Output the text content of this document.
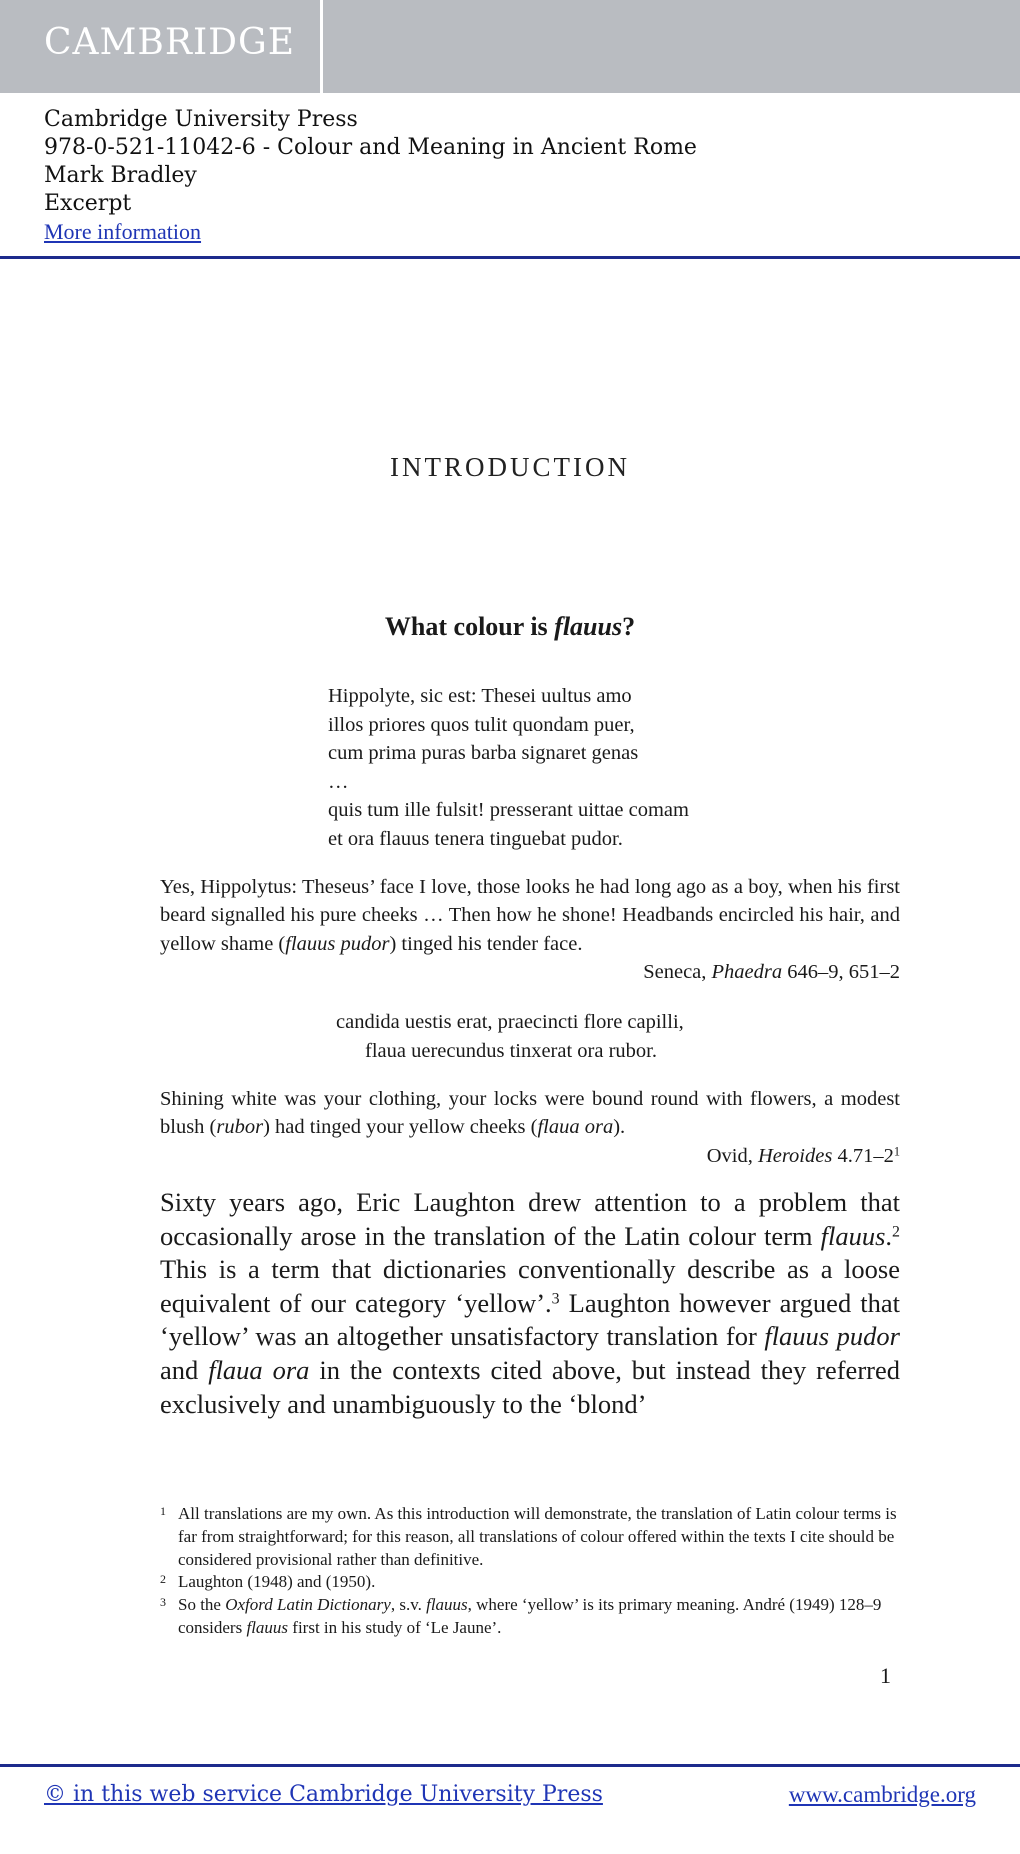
CAMBRIDGE
Cambridge University Press
978-0-521-11042-6 - Colour and Meaning in Ancient Rome
Mark Bradley
Excerpt
More information
INTRODUCTION
What colour is flauus?
Hippolyte, sic est: Thesei uultus amo
illos priores quos tulit quondam puer,
cum prima puras barba signaret genas
…
quis tum ille fulsit! presserant uittae comam
et ora flauus tenera tinguebat pudor.
Yes, Hippolytus: Theseus’ face I love, those looks he had long ago as a boy, when his first beard signalled his pure cheeks … Then how he shone! Headbands encircled his hair, and yellow shame (flauus pudor) tinged his tender face.
Seneca, Phaedra 646–9, 651–2
candida uestis erat, praecincti flore capilli,
flaua uerecundus tinxerat ora rubor.
Shining white was your clothing, your locks were bound round with flowers, a modest blush (rubor) had tinged your yellow cheeks (flaua ora).
Ovid, Heroides $4.71-2^1$
Sixty years ago, Eric Laughton drew attention to a problem that occasionally arose in the translation of the Latin colour term flauus.$^2$ This is a term that dictionaries conventionally describe as a loose equivalent of our category ‘yellow’.$^3$ Laughton however argued that ‘yellow’ was an altogether unsatisfactory translation for flauus pudor and flaua ora in the contexts cited above, but instead they referred exclusively and unambiguously to the ‘blond’
1 All translations are my own. As this introduction will demonstrate, the translation of Latin colour terms is far from straightforward; for this reason, all translations of colour offered within the texts I cite should be considered provisional rather than definitive.
2 Laughton (1948) and (1950).
3 So the Oxford Latin Dictionary, s.v. flauus, where ‘yellow’ is its primary meaning. André (1949) 128–9 considers flauus first in his study of ‘Le Jaune’.
1
© in this web service Cambridge University Press	www.cambridge.org
